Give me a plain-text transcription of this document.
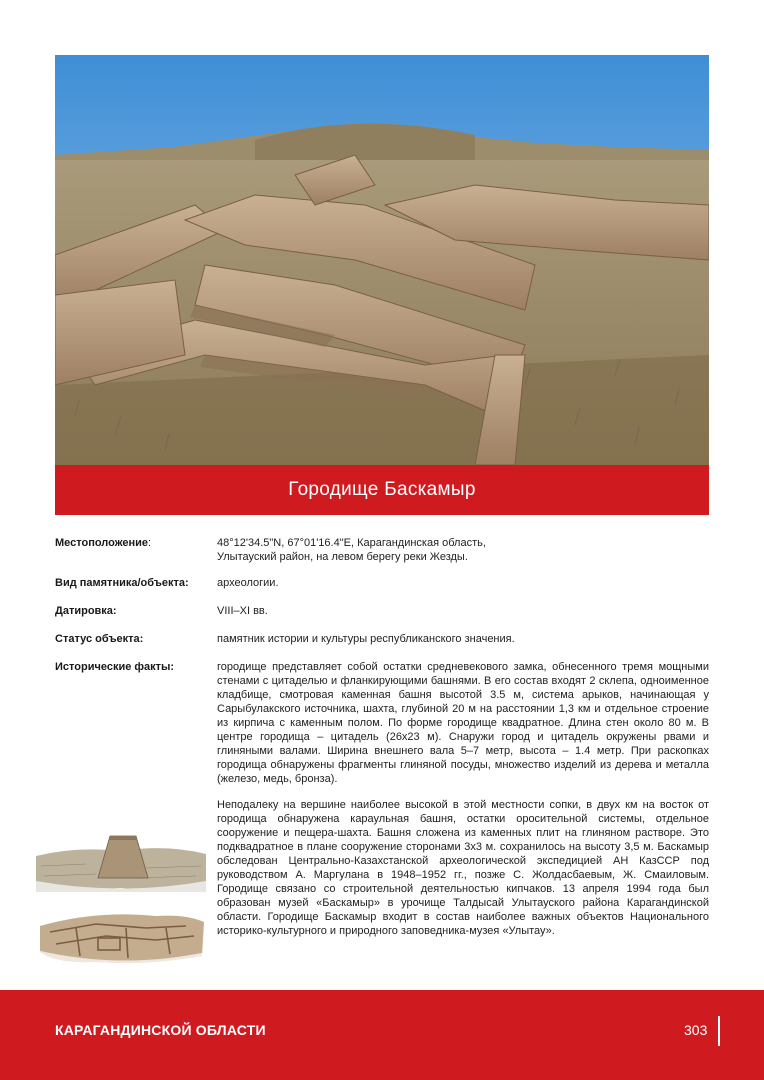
Городище Баскамыр
Местоположение:	48°12'34.5"N, 67°01'16.4"E, Карагандинская область,

Улытауский район, на левом берегу реки Жезды.

Вид памятника/объекта:	археологии.
Датировка:	VIII–XI вв.
Статус объекта:	памятник истории и культуры республиканского значения.
Исторические факты:	городище представляет собой остатки средневекового замка, обнесенного тремя мощными стенами с цитаделью и фланкирующими башнями. В его состав входят 2 склепа, одноименное кладбище, смотровая каменная башня высотой 3.5 м, система арыков, начинающая у Сарыбулакского источника, шахта, глубиной 20 м на расстоянии 1,3 км и отдельное строение из кирпича с каменным полом. По форме городище квадратное. Длина стен около 80 м. В центре городища – цитадель (26х23 м). Снаружи город и цитадель окружены рвами и глиняными валами. Ширина внешнего вала 5–7 метр, высота – 1.4 метр. При раскопках городища обнаружены фрагменты глиняной посуды, множество изделий из дерева и металла (железо, медь, бронза).

Неподалеку на вершине наиболее высокой в этой местности сопки, в двух км на восток от городища обнаружена караульная башня, остатки оросительной системы, отдельное сооружение и пещера-шахта. Башня сложена из каменных плит на глиняном растворе. Это подквадратное в плане сооружение сторонами 3х3 м. сохранилось на высоту 3,5 м. Баскамыр обследован Центрально-Казахстанской археологической экспедицией АН КазССР под руководством А. Маргулана в 1948–1952 гг., позже С. Жолдасбаевым, Ж. Смаиловым. Городище связано со строительной деятельностью кипчаков. 13 апреля 1994 года был образован музей «Баскамыр» в урочище Талдысай Улытауского района Карагандинской области. Городище Баскамыр входит в состав наиболее важных объектов Национального историко-культурного и природного заповедника-музея «Улытау».

КАРАГАНДИНСКОЙ ОБЛАСТИ	303
